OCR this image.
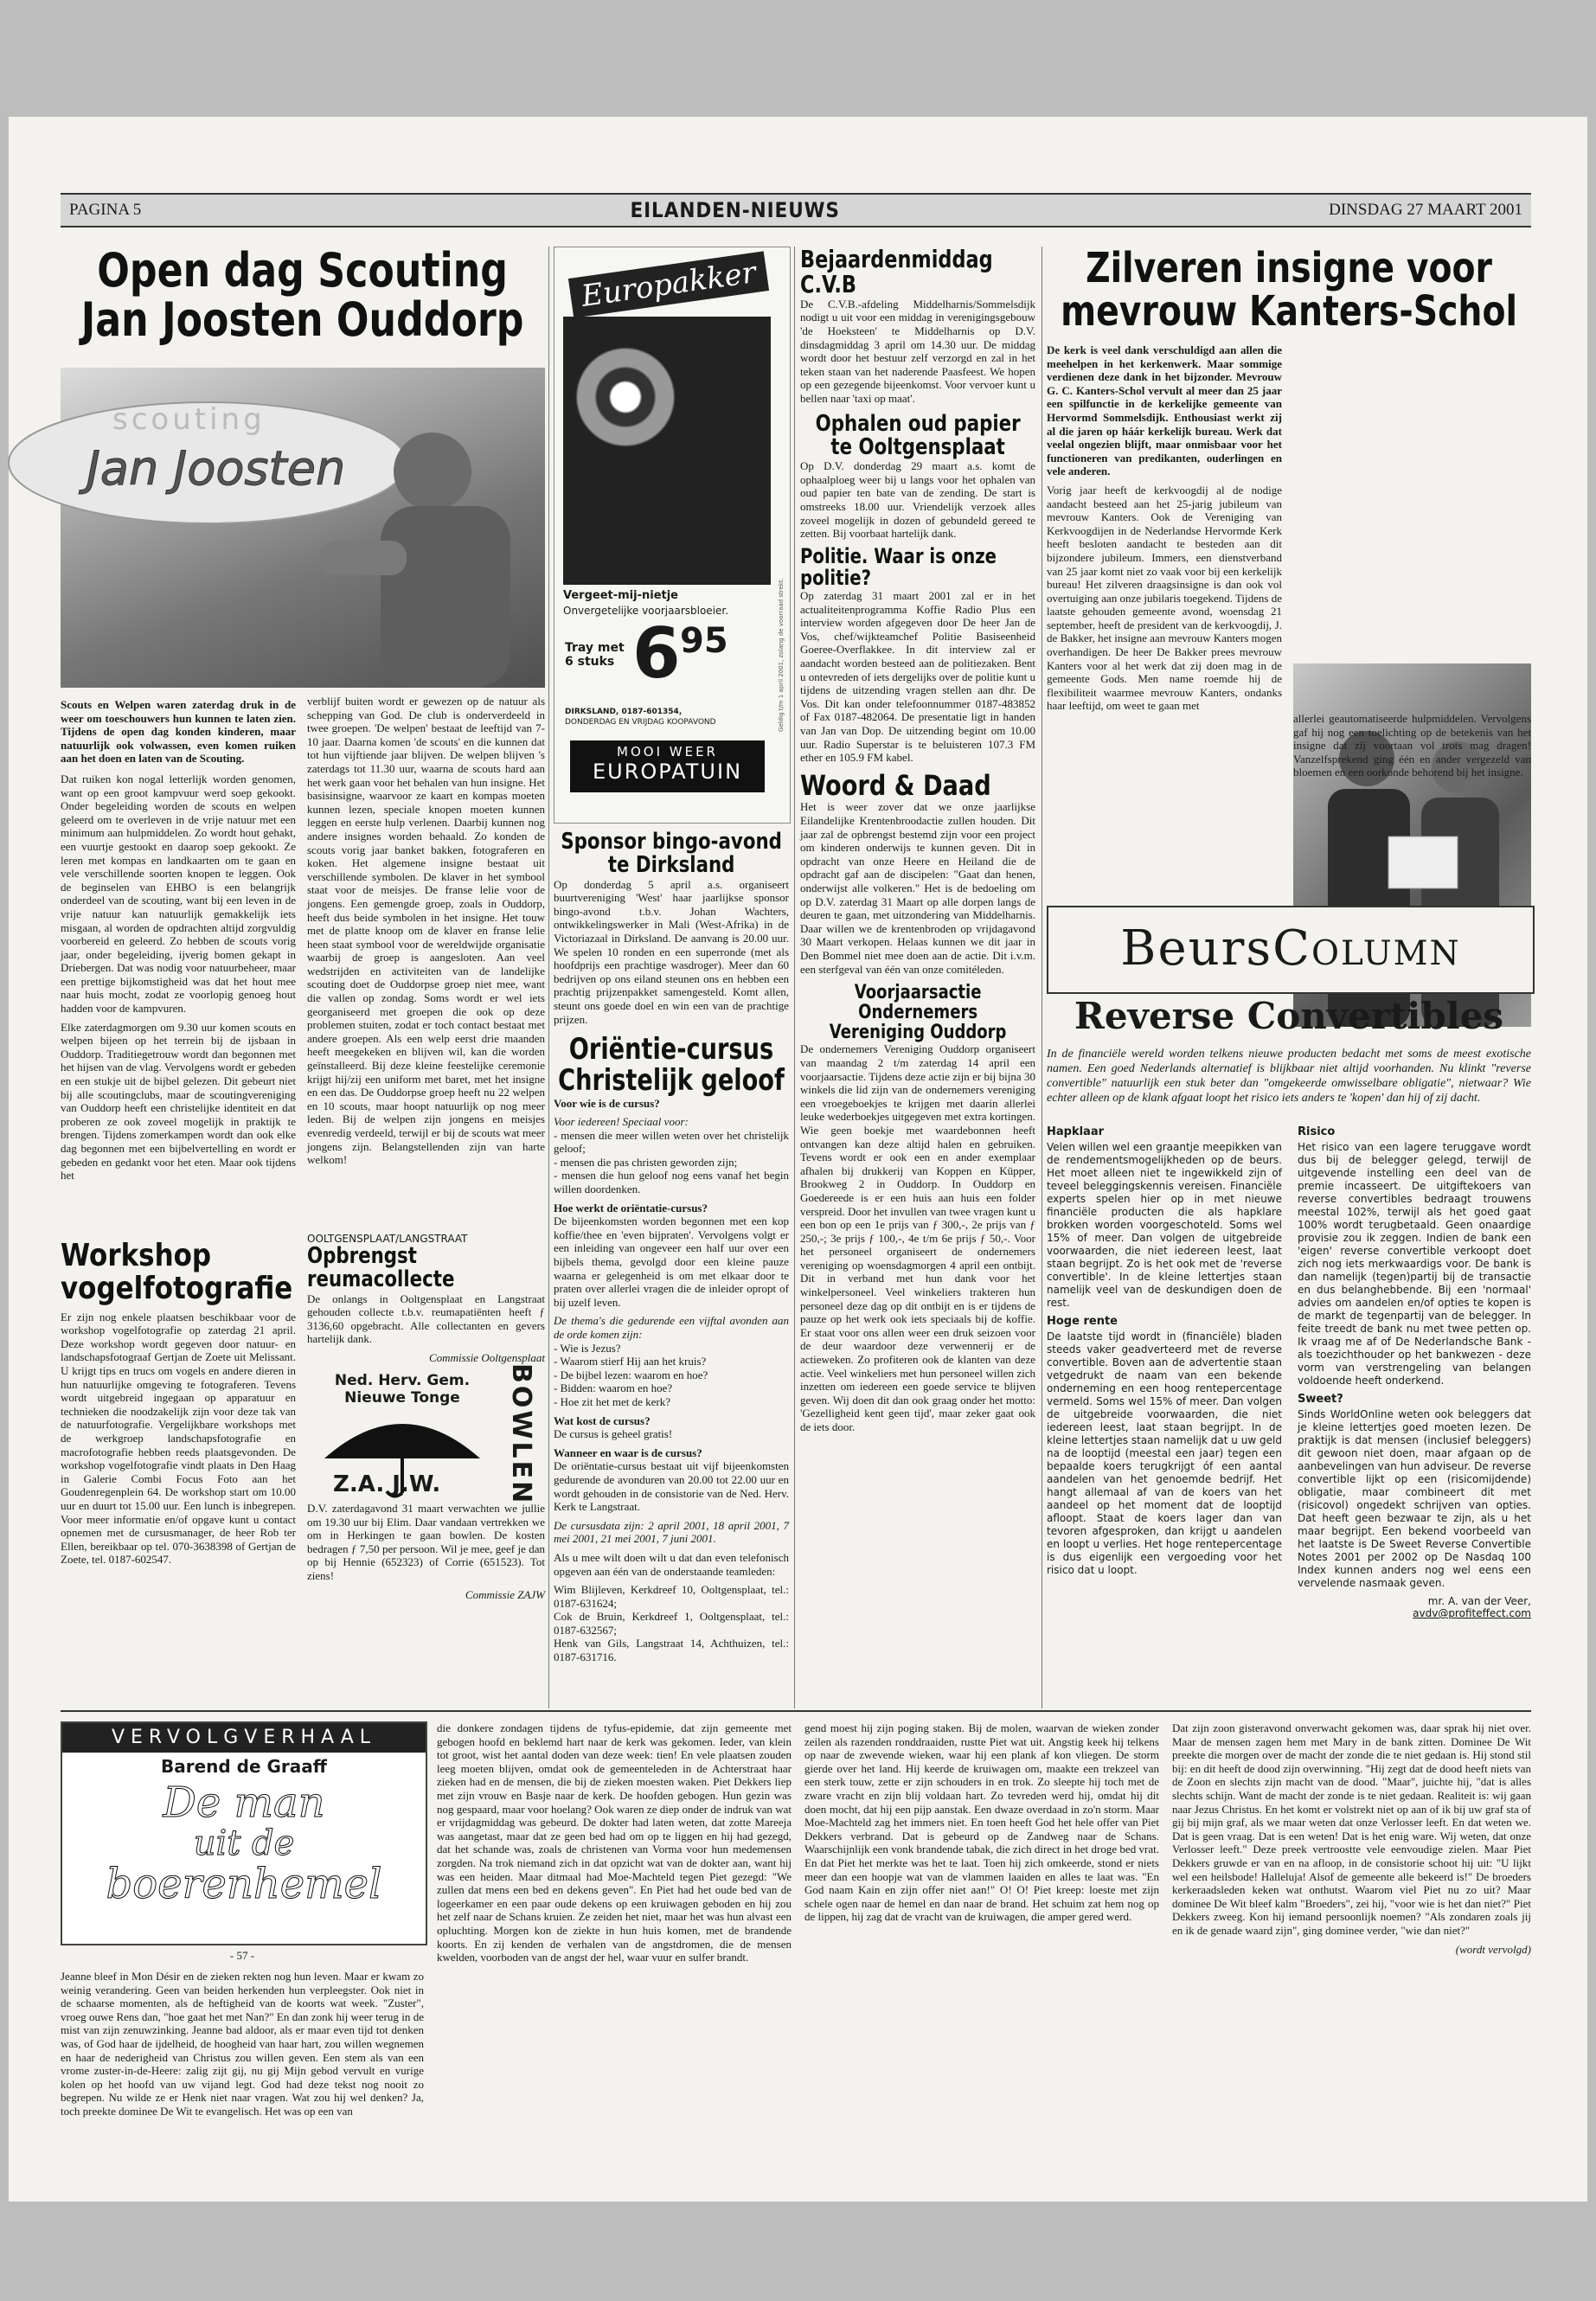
PAGINA 5	EILANDEN-NIEUWS	DINSDAG 27 MAART 2001
Open dag Scouting
Jan Joosten Ouddorp
scouting
Jan Joosten

Scouts en Welpen waren zaterdag druk in de weer om toeschouwers hun kunnen te laten zien. Tijdens de open dag konden kinderen, maar natuurlijk ook volwassen, even komen ruiken aan het doen en laten van de Scouting.

Dat ruiken kon nogal letterlijk worden genomen, want op een groot kampvuur werd soep gekookt. Onder begeleiding worden de scouts en welpen geleerd om te overleven in de vrije natuur met een minimum aan hulpmiddelen. Zo wordt hout gehakt, een vuurtje gestookt en daarop soep gekookt. Ze leren met kompas en landkaarten om te gaan en vele verschillende soorten knopen te leggen. Ook de beginselen van EHBO is een belangrijk onderdeel van de scouting, want bij een leven in de vrije natuur kan natuurlijk gemakkelijk iets misgaan, al worden de opdrachten altijd zorgvuldig voorbereid en geleerd. Zo hebben de scouts vorig jaar, onder begeleiding, ijverig bomen gekapt in Driebergen. Dat was nodig voor natuurbeheer, maar een prettige bijkomstigheid was dat het hout mee naar huis mocht, zodat ze voorlopig genoeg hout hadden voor de kampvuren.

Elke zaterdagmorgen om 9.30 uur komen scouts en welpen bijeen op het terrein bij de ijsbaan in Ouddorp. Traditiegetrouw wordt dan begonnen met het hijsen van de vlag. Vervolgens wordt er gebeden en een stukje uit de bijbel gelezen. Dit gebeurt niet bij alle scoutingclubs, maar de scoutingvereniging van Ouddorp heeft een christelijke identiteit en dat proberen ze ook zoveel mogelijk in praktijk te brengen. Tijdens zomerkampen wordt dan ook elke dag begonnen met een bijbelvertelling en wordt er gebeden en gedankt voor het eten. Maar ook tijdens het

verblijf buiten wordt er gewezen op de natuur als schepping van God. De club is onderverdeeld in twee groepen. 'De welpen' bestaat de leeftijd van 7-10 jaar. Daarna komen 'de scouts' en die kunnen dat tot hun vijftiende jaar blijven. De welpen blijven 's zaterdags tot 11.30 uur, waarna de scouts hard aan het werk gaan voor het behalen van hun insigne. Het basisinsigne, waarvoor ze kaart en kompas moeten kunnen lezen, speciale knopen moeten kunnen leggen en eerste hulp verlenen. Daarbij kunnen nog andere insignes worden behaald. Zo konden de scouts vorig jaar banket bakken, fotograferen en koken. Het algemene insigne bestaat uit verschillende symbolen. De klaver in het symbool staat voor de meisjes. De franse lelie voor de jongens. Een gemengde groep, zoals in Ouddorp, heeft dus beide symbolen in het insigne. Het touw met de platte knoop om de klaver en franse lelie heen staat symbool voor de wereldwijde organisatie waarbij de groep is aangesloten. Aan veel wedstrijden en activiteiten van de landelijke scouting doet de Ouddorpse groep niet mee, want die vallen op zondag. Soms wordt er wel iets georganiseerd met groepen die ook op deze problemen stuiten, zodat er toch contact bestaat met andere groepen. Als een welp eerst drie maanden heeft meegekeken en blijven wil, kan die worden geïnstalleerd. Bij deze kleine feestelijke ceremonie krijgt hij/zij een uniform met baret, met het insigne en een das. De Ouddorpse groep heeft nu 22 welpen en 10 scouts, maar hoopt natuurlijk op nog meer leden. Bij de welpen zijn jongens en meisjes evenredig verdeeld, terwijl er bij de scouts wat meer jongens zijn. Belangstellenden zijn van harte welkom!

Workshop
vogelfotografie

Er zijn nog enkele plaatsen beschikbaar voor de workshop vogelfotografie op zaterdag 21 april. Deze workshop wordt gegeven door natuur- en landschapsfotograaf Gertjan de Zoete uit Melissant. U krijgt tips en trucs om vogels en andere dieren in hun natuurlijke omgeving te fotograferen. Tevens wordt uitgebreid ingegaan op apparatuur en technieken die noodzakelijk zijn voor deze tak van de natuurfotografie. Vergelijkbare workshops met de werkgroep landschapsfotografie en macrofotografie hebben reeds plaatsgevonden. De workshop vogelfotografie vindt plaats in Den Haag in Galerie Combi Focus Foto aan het Goudenregenplein 64. De workshop start om 10.00 uur en duurt tot 15.00 uur. Een lunch is inbegrepen. Voor meer informatie en/of opgave kunt u contact opnemen met de cursusmanager, de heer Rob ter Ellen, bereikbaar op tel. 070-3638398 of Gertjan de Zoete, tel. 0187-602547.

OOLTGENSPLAAT/LANGSTRAAT
Opbrengst reumacollecte

De onlangs in Ooltgensplaat en Langstraat gehouden collecte t.b.v. reumapatiënten heeft ƒ 3136,60 opgebracht. Alle collectanten en gevers hartelijk dank.

Commissie Ooltgensplaat
Ned. Herv. Gem. Nieuwe Tonge
Z.A. J.W.	BOWLEN

D.V. zaterdagavond 31 maart verwachten we jullie om 19.30 uur bij Elim. Daar vandaan vertrekken we om in Herkingen te gaan bowlen. De kosten bedragen ƒ 7,50 per persoon. Wil je mee, geef je dan op bij Hennie (652323) of Corrie (651523). Tot ziens!

Commissie ZAJW
Europakker
Vergeet-mij-nietje
Onvergetelijke voorjaarsbloeier.
Tray met 6 stuks 6 95
DIRKSLAND, 0187-601354,
DONDERDAG EN VRIJDAG KOOPAVOND
MOOI WEER
EUROPATUIN
Geldig t/m 1 april 2001, zolang de voorraad strekt.
Sponsor bingo-avond
te Dirksland

Op donderdag 5 april a.s. organiseert buurtvereniging 'West' haar jaarlijkse sponsor bingo-avond t.b.v. Johan Wachters, ontwikkelingswerker in Mali (West-Afrika) in de Victoriazaal in Dirksland. De aanvang is 20.00 uur. We spelen 10 ronden en een superronde (met als hoofdprijs een prachtige wasdroger). Meer dan 60 bedrijven op ons eiland steunen ons en hebben een prachtig prijzenpakket samengesteld. Komt allen, steunt ons goede doel en win een van de prachtige prijzen.

Oriëntie-cursus
Christelijk geloof
Voor wie is de cursus?
Voor iedereen! Speciaal voor:
- mensen die meer willen weten over het christelijk geloof;
- mensen die pas christen geworden zijn;
- mensen die hun geloof nog eens vanaf het begin willen doordenken.
Hoe werkt de oriëntatie-cursus?

De bijeenkomsten worden begonnen met een kop koffie/thee en 'even bijpraten'. Vervolgens volgt er een inleiding van ongeveer een half uur over een bijbels thema, gevolgd door een kleine pauze waarna er gelegenheid is om met elkaar door te praten over allerlei vragen die de inleider opropt of bij uzelf leven.

De thema's die gedurende een vijftal avonden aan de orde komen zijn:
- Wie is Jezus?
- Waarom stierf Hij aan het kruis?
- De bijbel lezen: waarom en hoe?
- Bidden: waarom en hoe?
- Hoe zit het met de kerk?
Wat kost de cursus?
De cursus is geheel gratis!
Wanneer en waar is de cursus?

De oriëntatie-cursus bestaat uit vijf bijeenkomsten gedurende de avonduren van 20.00 tot 22.00 uur en wordt gehouden in de consistorie van de Ned. Herv. Kerk te Langstraat.

De cursusdata zijn: 2 april 2001, 18 april 2001, 7 mei 2001, 21 mei 2001, 7 juni 2001.

Als u mee wilt doen wilt u dat dan even telefonisch opgeven aan één van de onderstaande teamleden:

Wim Blijleven, Kerkdreef 10, Ooltgensplaat, tel.: 0187-631624;
Cok de Bruin, Kerkdreef 1, Ooltgensplaat, tel.: 0187-632567;
Henk van Gils, Langstraat 14, Achthuizen, tel.: 0187-631716.
Bejaardenmiddag C.V.B

De C.V.B.-afdeling Middelharnis/Sommelsdijk nodigt u uit voor een middag in verenigingsgebouw 'de Hoeksteen' te Middelharnis op D.V. dinsdagmiddag 3 april om 14.30 uur. De middag wordt door het bestuur zelf verzorgd en zal in het teken staan van het naderende Paasfeest. We hopen op een gezegende bijeenkomst. Voor vervoer kunt u bellen naar 'taxi op maat'.

Ophalen oud papier
te Ooltgensplaat

Op D.V. donderdag 29 maart a.s. komt de ophaalploeg weer bij u langs voor het ophalen van oud papier ten bate van de zending. De start is omstreeks 18.00 uur. Vriendelijk verzoek alles zoveel mogelijk in dozen of gebundeld gereed te zetten. Bij voorbaat hartelijk dank.

Politie. Waar is onze politie?

Op zaterdag 31 maart 2001 zal er in het actualiteitenprogramma Koffie Radio Plus een interview worden afgegeven door De heer Jan de Vos, chef/wijkteamchef Politie Basiseenheid Goeree-Overflakkee. In dit interview zal er aandacht worden besteed aan de politiezaken. Bent u ontevreden of iets dergelijks over de politie kunt u tijdens de uitzending vragen stellen aan dhr. De Vos. Dit kan onder telefoonnummer 0187-483852 of Fax 0187-482064. De presentatie ligt in handen van Jan van Dop. De uitzending begint om 10.00 uur. Radio Superstar is te beluisteren 107.3 FM ether en 105.9 FM kabel.

Woord & Daad

Het is weer zover dat we onze jaarlijkse Eilandelijke Krentenbroodactie zullen houden. Dit jaar zal de opbrengst bestemd zijn voor een project om kinderen onderwijs te kunnen geven. Dit in opdracht van onze Heere en Heiland die de opdracht gaf aan de discipelen: "Gaat dan henen, onderwijst alle volkeren." Het is de bedoeling om op D.V. zaterdag 31 Maart op alle dorpen langs de deuren te gaan, met uitzondering van Middelharnis. Daar willen we de krentenbroden op vrijdagavond 30 Maart verkopen. Helaas kunnen we dit jaar in Den Bommel niet mee doen aan de actie. Dit i.v.m. een sterfgeval van één van onze comitéleden.

Voorjaarsactie Ondernemers
Vereniging Ouddorp

De ondernemers Vereniging Ouddorp organiseert van maandag 2 t/m zaterdag 14 april een voorjaarsactie. Tijdens deze actie zijn er bij bijna 30 winkels die lid zijn van de ondernemers vereniging een vroegeboekjes te krijgen met daarin allerlei leuke wederboekjes uitgegeven met extra kortingen. Wie geen boekje met waardebonnen heeft ontvangen kan deze altijd halen en gebruiken. Tevens wordt er ook een en ander exemplaar afhalen bij drukkerij van Koppen en Küpper, Brookweg 2 in Ouddorp. In Ouddorp en Goedereede is er een huis aan huis een folder verspreid. Door het invullen van twee vragen kunt u een bon op een 1e prijs van ƒ 300,-, 2e prijs van ƒ 250,-; 3e prijs ƒ 100,-, 4e t/m 6e prijs ƒ 50,-. Voor het personeel organiseert de ondernemers vereniging op woensdagmorgen 4 april een ontbijt. Dit in verband met hun dank voor het winkelpersoneel. Veel winkeliers trakteren hun personeel deze dag op dit ontbijt en is er tijdens de pauze op het werk ook iets speciaals bij de koffie. Er staat voor ons allen weer een druk seizoen voor de deur waardoor deze verwennerij er de actieweken. Zo profiteren ook de klanten van deze actie. Veel winkeliers met hun personeel willen zich inzetten om iedereen een goede service te blijven geven. Wij doen dit dan ook graag onder het motto: 'Gezelligheid kent geen tijd', maar zeker gaat ook de iets door.

Zilveren insigne voor
mevrouw Kanters-Schol

De kerk is veel dank verschuldigd aan allen die meehelpen in het kerkenwerk. Maar sommige verdienen deze dank in het bijzonder. Mevrouw G. C. Kanters-Schol vervult al meer dan 25 jaar een spilfunctie in de kerkelijke gemeente van Hervormd Sommelsdijk. Enthousiast werkt zij al die jaren op háár kerkelijk bureau. Werk dat veelal ongezien blijft, maar onmisbaar voor het functioneren van predikanten, ouderlingen en vele anderen.

Vorig jaar heeft de kerkvoogdij al de nodige aandacht besteed aan het 25-jarig jubileum van mevrouw Kanters. Ook de Vereniging van Kerkvoogdijen in de Nederlandse Hervormde Kerk heeft besloten aandacht te besteden aan dit bijzondere jubileum. Immers, een dienstverband van 25 jaar komt niet zo vaak voor bij een kerkelijk bureau! Het zilveren draagsinsigne is dan ook vol overtuiging aan onze jubilaris toegekend. Tijdens de laatste gehouden gemeente avond, woensdag 21 september, heeft de president van de kerkvoogdij, J. de Bakker, het insigne aan mevrouw Kanters mogen overhandigen. De heer De Bakker prees mevrouw Kanters voor al het werk dat zij doen mag in de gemeente Gods. Men name roemde hij de flexibiliteit waarmee mevrouw Kanters, ondanks haar leeftijd, om weet te gaan met

allerlei geautomatiseerde hulpmiddelen. Vervolgens gaf hij nog een toelichting op de betekenis van het insigne dat zij voortaan vol trots mag dragen! Vanzelfsprekend ging één en ander vergezeld van bloemen en een oorkonde behorend bij het insigne.

BeursColumn
Reverse Convertibles

In de financiële wereld worden telkens nieuwe producten bedacht met soms de meest exotische namen. Een goed Nederlands alternatief is blijkbaar niet altijd voorhanden. Nu klinkt "reverse convertible" natuurlijk een stuk beter dan "omgekeerde omwisselbare obligatie", nietwaar? Wie echter alleen op de klank afgaat loopt het risico iets anders te 'kopen' dan hij of zij dacht.

Hapklaar

Velen willen wel een graantje meepikken van de rendementsmogelijkheden op de beurs. Het moet alleen niet te ingewikkeld zijn of teveel beleggingskennis vereisen. Financiële experts spelen hier op in met nieuwe financiële producten die als hapklare brokken worden voorgeschoteld. Soms wel 15% of meer. Dan volgen de uitgebreide voorwaarden, die niet iedereen leest, laat staan begrijpt. Zo is het ook met de 'reverse convertible'. In de kleine lettertjes staan namelijk veel van de deskundigen doen de rest.

Hoge rente

De laatste tijd wordt in (financiële) bladen steeds vaker geadverteerd met de reverse convertible. Boven aan de advertentie staan vetgedrukt de naam van een bekende onderneming en een hoog rentepercentage vermeld. Soms wel 15% of meer. Dan volgen de uitgebreide voorwaarden, die niet iedereen leest, laat staan begrijpt. In de kleine lettertjes staan namelijk dat u uw geld na de looptijd (meestal een jaar) tegen een bepaalde koers terugkrijgt óf een aantal aandelen van het genoemde bedrijf. Het hangt allemaal af van de koers van het aandeel op het moment dat de looptijd afloopt. Staat de koers lager dan van tevoren afgesproken, dan krijgt u aandelen en loopt u verlies. Het hoge rentepercentage is dus eigenlijk een vergoeding voor het risico dat u loopt.

Risico

Het risico van een lagere teruggave wordt dus bij de belegger gelegd, terwijl de uitgevende instelling een deel van de premie incasseert. De uitgiftekoers van reverse convertibles bedraagt trouwens meestal 102%, terwijl als het goed gaat 100% wordt terugbetaald. Geen onaardige provisie zou ik zeggen. Indien de bank een 'eigen' reverse convertible verkoopt doet zich nog iets merkwaardigs voor. De bank is dan namelijk (tegen)partij bij de transactie en dus belanghebbende. Bij een 'normaal' advies om aandelen en/of opties te kopen is de markt de tegenpartij van de belegger. In feite treedt de bank nu met twee petten op. Ik vraag me af of De Nederlandsche Bank - als toezichthouder op het bankwezen - deze vorm van verstrengeling van belangen voldoende heeft onderkend.

Sweet?

Sinds WorldOnline weten ook beleggers dat je kleine lettertjes goed moeten lezen. De praktijk is dat mensen (inclusief beleggers) dit gewoon niet doen, maar afgaan op de aanbevelingen van hun adviseur. De reverse convertible lijkt op een (risicomijdende) obligatie, maar combineert dit met (risicovol) ongedekt schrijven van opties. Dat heeft geen bezwaar te zijn, als u het maar begrijpt. Een bekend voorbeeld van het laatste is De Sweet Reverse Convertible Notes 2001 per 2002 op De Nasdaq 100 Index kunnen anders nog wel eens een vervelende nasmaak geven.

mr. A. van der Veer,
avdv@profiteffect.com
VERVOLGVERHAAL
Barend de Graaff
De man
uit de
boerenhemel
- 57 -

Jeanne bleef in Mon Désir en de zieken rekten nog hun leven. Maar er kwam zo weinig verandering. Geen van beiden herkenden hun verpleegster. Ook niet in de schaarse momenten, als de heftigheid van de koorts wat week. "Zuster", vroeg ouwe Rens dan, "hoe gaat het met Nan?" En dan zonk hij weer terug in de mist van zijn zenuwzinking. Jeanne bad aldoor, als er maar even tijd tot denken was, of God haar de ijdelheid, de hoogheid van haar hart, zou willen wegnemen en haar de nederigheid van Christus zou willen geven. Een stem als van een vrome zuster-in-de-Heere: zalig zijt gij, nu gij Mijn gebod vervult en vurige kolen op het hoofd van uw vijand legt. God had deze tekst nog nooit zo begrepen. Nu wilde ze er Henk niet naar vragen. Wat zou hij wel denken? Ja, toch preekte dominee De Wit te evangelisch. Het was op een van

die donkere zondagen tijdens de tyfus-epidemie, dat zijn gemeente met gebogen hoofd en beklemd hart naar de kerk was gekomen. Ieder, van klein tot groot, wist het aantal doden van deze week: tien! En vele plaatsen zouden leeg moeten blijven, omdat ook de gemeenteleden in de Achterstraat haar zieken had en de mensen, die bij de zieken moesten waken. Piet Dekkers liep met zijn vrouw en Basje naar de kerk. De hoofden gebogen. Hun gezin was nog gespaard, maar voor hoelang? Ook waren ze diep onder de indruk van wat er vrijdagmiddag was gebeurd. De dokter had laten weten, dat zotte Mareeja was aangetast, maar dat ze geen bed had om op te liggen en hij had gezegd, dat het schande was, zoals de christenen van Vorma voor hun medemensen zorgden. Na trok niemand zich in dat opzicht wat van de dokter aan, want hij was een heiden. Maar ditmaal had Moe-Machteld tegen Piet gezegd: "We zullen dat mens een bed en dekens geven". En Piet had het oude bed van de logeerkamer en een paar oude dekens op een kruiwagen geboden en hij zou het zelf naar de Schans kruien. Ze zeiden het niet, maar het was hun alvast een opluchting. Morgen kon de ziekte in hun huis komen, met de brandende koorts. En zij kenden de verhalen van de angstdromen, die de mensen kwelden, voorboden van de angst der hel, waar vuur en sulfer brandt.

gend moest hij zijn poging staken. Bij de molen, waarvan de wieken zonder zeilen als razenden ronddraaiden, rustte Piet wat uit. Angstig keek hij telkens op naar de zwevende wieken, waar hij een plank af kon vliegen. De storm gierde over het land. Hij keerde de kruiwagen om, maakte een trekzeel van een sterk touw, zette er zijn schouders in en trok. Zo sleepte hij toch met de zware vracht en zijn blij voldaan hart. Zo tevreden werd hij, omdat hij dit doen mocht, dat hij een pijp aanstak. Een dwaze overdaad in zo'n storm. Maar Moe-Machteld zag het immers niet. En toen heeft God het hele offer van Piet Dekkers verbrand. Dat is gebeurd op de Zandweg naar de Schans. Waarschijnlijk een vonk brandende tabak, die zich direct in het droge bed vrat. En dat Piet het merkte was het te laat. Toen hij zich omkeerde, stond er niets meer dan een hoopje wat van de vlammen laaiden en alles te laat was. "En God naam Kain en zijn offer niet aan!" O! O! Piet kreep: loeste met zijn schele ogen naar de hemel en dan naar de brand. Het schuim zat hem nog op de lippen, hij zag dat de vracht van de kruiwagen, die amper gered werd.

Dat zijn zoon gisteravond onverwacht gekomen was, daar sprak hij niet over. Maar de mensen zagen hem met Mary in de bank zitten. Dominee De Wit preekte die morgen over de macht der zonde die te niet gedaan is. Hij stond stil bij: en dit heeft de dood zijn overwinning. "Hij zegt dat de dood heeft niets van de Zoon en slechts zijn macht van de dood. "Maar", juichte hij, "dat is alles slechts schijn. Want de macht der zonde is te niet gedaan. Realiteit is: wij gaan naar Jezus Christus. En het komt er volstrekt niet op aan of ik bij uw graf sta of gij bij mijn graf, als we maar weten dat onze Verlosser leeft. En dat weten we. Dat is geen vraag. Dat is een weten! Dat is het enig ware. Wij weten, dat onze Verlosser leeft." Deze preek vertroostte vele eenvoudige zielen. Maar Piet Dekkers gruwde er van en na afloop, in de consistorie schoot hij uit: "U lijkt wel een heilsbode! Halleluja! Alsof de gemeente alle bekeerd is!" De broeders kerkeraadsleden keken wat onthutst. Waarom viel Piet nu zo uit? Maar dominee De Wit bleef kalm "Broeders", zei hij, "voor wie is het dan niet?" Piet Dekkers zweeg. Kon hij iemand persoonlijk noemen? "Als zondaren zoals jij en ik de genade waard zijn", ging dominee verder, "wie dan niet?"

(wordt vervolgd)
